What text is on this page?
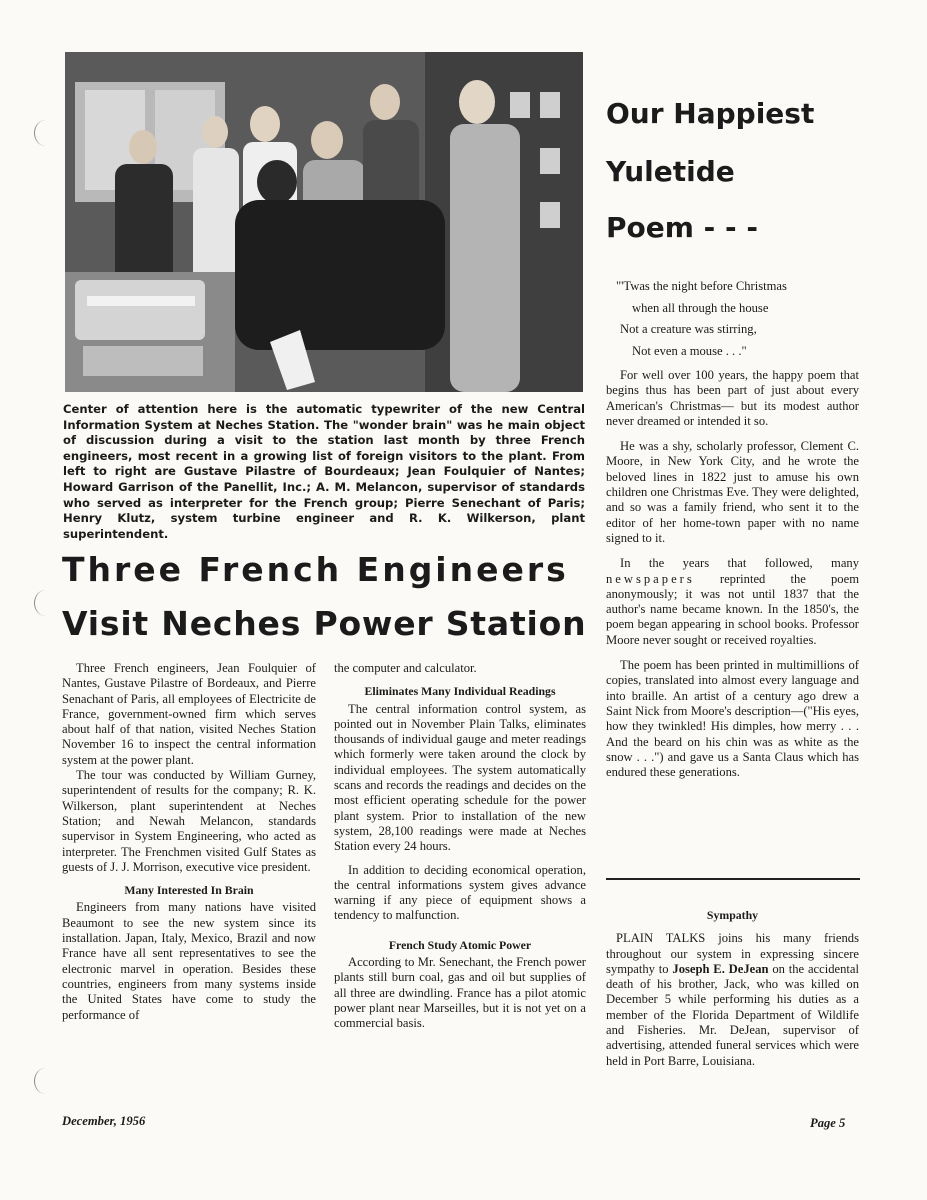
Center of attention here is the automatic typewriter of the new Central Information System at Neches Station. The "wonder brain" was he main object of discussion during a visit to the station last month by three French engineers, most recent in a growing list of foreign visitors to the plant. From left to right are Gustave Pilastre of Bourdeaux; Jean Foulquier of Nantes; Howard Garrison of the Panellit, Inc.; A. M. Melancon, supervisor of standards who served as interpreter for the French group; Pierre Senechant of Paris; Henry Klutz, system turbine engineer and R. K. Wilkerson, plant superintendent.

Three French Engineers
Visit Neches Power Station

Three French engineers, Jean Foulquier of Nantes, Gustave Pilastre of Bordeaux, and Pierre Senachant of Paris, all employees of Electricite de France, government-owned firm which serves about half of that nation, visited Neches Station November 16 to inspect the central information system at the power plant.

The tour was conducted by William Gurney, superintendent of results for the company; R. K. Wilkerson, plant superintendent at Neches Station; and Newah Melancon, standards supervisor in System Engineering, who acted as interpreter. The Frenchmen visited Gulf States as guests of J. J. Morrison, executive vice president.

Many Interested In Brain

Engineers from many nations have visited Beaumont to see the new system since its installation. Japan, Italy, Mexico, Brazil and now France have all sent representatives to see the electronic marvel in operation. Besides these countries, engineers from many systems inside the United States have come to study the performance of

the computer and calculator.

Eliminates Many Individual Readings

The central information control system, as pointed out in November Plain Talks, eliminates thousands of individual gauge and meter readings which formerly were taken around the clock by individual employees. The system automatically scans and records the readings and decides on the most efficient operating schedule for the power plant system. Prior to installation of the new system, 28,100 readings were made at Neches Station every 24 hours.

In addition to deciding economical operation, the central informations system gives advance warning if any piece of equipment shows a tendency to malfunction.

French Study Atomic Power

According to Mr. Senechant, the French power plants still burn coal, gas and oil but supplies of all three are dwindling. France has a pilot atomic power plant near Marseilles, but it is not yet on a commercial basis.

Our Happiest
Yuletide
Poem - - -
"'Twas the night before Christmas
when all through the house
Not a creature was stirring,
Not even a mouse . . ."

For well over 100 years, the happy poem that begins thus has been part of just about every American's Christmas— but its modest author never dreamed or intended it so.

He was a shy, scholarly professor, Clement C. Moore, in New York City, and he wrote the beloved lines in 1822 just to amuse his own children one Christmas Eve. They were delighted, and so was a family friend, who sent it to the editor of her home-town paper with no name signed to it.

In the years that followed, many newspapers reprinted the poem anonymously; it was not until 1837 that the author's name became known. In the 1850's, the poem began appearing in school books. Professor Moore never sought or received royalties.

The poem has been printed in multimillions of copies, translated into almost every language and into braille. An artist of a century ago drew a Saint Nick from Moore's description—("His eyes, how they twinkled! His dimples, how merry . . . And the beard on his chin was as white as the snow . . .") and gave us a Santa Claus which has endured these generations.

Sympathy

PLAIN TALKS joins his many friends throughout our system in expressing sincere sympathy to Joseph E. DeJean on the accidental death of his brother, Jack, who was killed on December 5 while performing his duties as a member of the Florida Department of Wildlife and Fisheries. Mr. DeJean, supervisor of advertising, attended funeral services which were held in Port Barre, Louisiana.

December, 1956	Page 5
